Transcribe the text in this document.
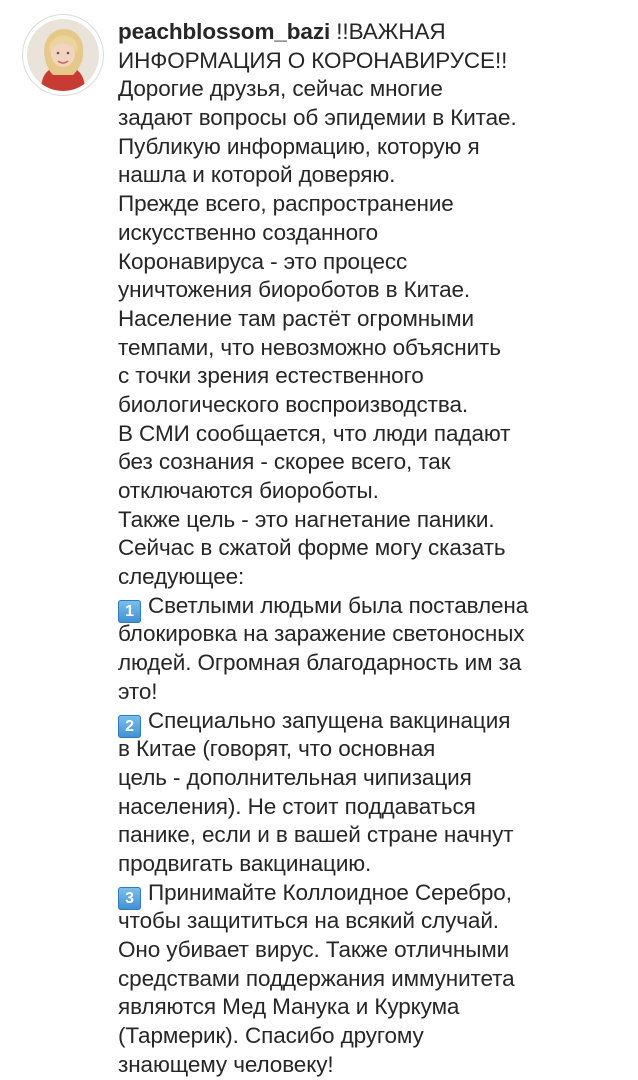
peachblossom_bazi !!ВАЖНАЯ
ИНФОРМАЦИЯ О КОРОНАВИРУСЕ!!
Дорогие друзья, сейчас многие
задают вопросы об эпидемии в Китае.
Публикую информацию, которую я
нашла и которой доверяю.
Прежде всего, распространение
искусственно созданного
Коронавируса - это процесс
уничтожения биороботов в Китае.
Население там растёт огромными
темпами, что невозможно объяснить
с точки зрения естественного
биологического воспроизводства.
В СМИ сообщается, что люди падают
без сознания - скорее всего, так
отключаются биороботы.
Также цель - это нагнетание паники.
Сейчас в сжатой форме могу сказать
следующее:
1 Светлыми людьми была поставлена
блокировка на заражение светоносных
людей. Огромная благодарность им за
это!
2 Специально запущена вакцинация
в Китае (говорят, что основная
цель - дополнительная чипизация
населения). Не стоит поддаваться
панике, если и в вашей стране начнут
продвигать вакцинацию.
3 Принимайте Коллоидное Серебро,
чтобы защититься на всякий случай.
Оно убивает вирус. Также отличными
средствами поддержания иммунитета
являются Мед Манука и Куркума
(Тармерик). Спасибо другому
знающему человеку!
